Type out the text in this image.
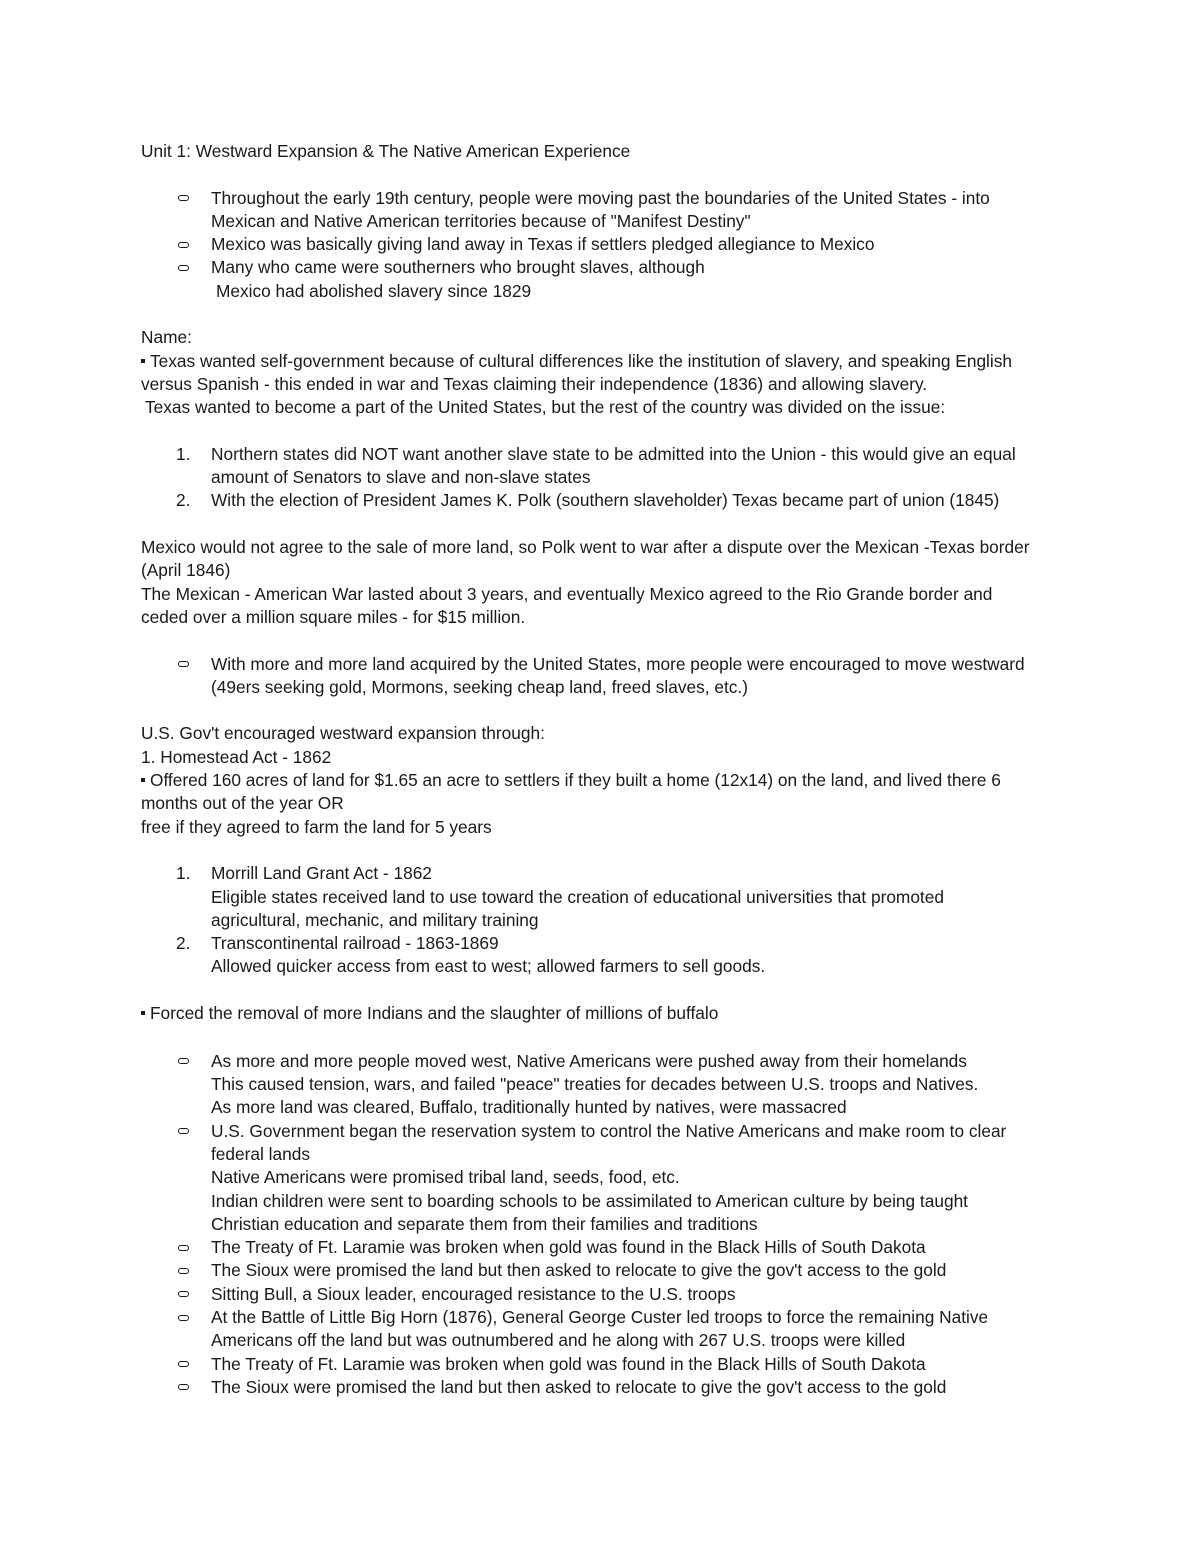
Unit 1: Westward Expansion & The Native American Experience
Throughout the early 19th century, people were moving past the boundaries of the United States - into
Mexican and Native American territories because of "Manifest Destiny"
Mexico was basically giving land away in Texas if settlers pledged allegiance to Mexico
Many who came were southerners who brought slaves, although
Mexico had abolished slavery since 1829
Name:
Texas wanted self-government because of cultural differences like the institution of slavery, and speaking English
versus Spanish - this ended in war and Texas claiming their independence (1836) and allowing slavery.
Texas wanted to become a part of the United States, but the rest of the country was divided on the issue:
1. Northern states did NOT want another slave state to be admitted into the Union - this would give an equal
amount of Senators to slave and non-slave states
2. With the election of President James K. Polk (southern slaveholder) Texas became part of union (1845)
Mexico would not agree to the sale of more land, so Polk went to war after a dispute over the Mexican -Texas border
(April 1846)
The Mexican - American War lasted about 3 years, and eventually Mexico agreed to the Rio Grande border and
ceded over a million square miles - for $15 million.
With more and more land acquired by the United States, more people were encouraged to move westward
(49ers seeking gold, Mormons, seeking cheap land, freed slaves, etc.)
U.S. Gov't encouraged westward expansion through:
1. Homestead Act - 1862
Offered 160 acres of land for $1.65 an acre to settlers if they built a home (12x14) on the land, and lived there 6
months out of the year OR
free if they agreed to farm the land for 5 years
1. Morrill Land Grant Act - 1862
Eligible states received land to use toward the creation of educational universities that promoted
agricultural, mechanic, and military training
2. Transcontinental railroad - 1863-1869
Allowed quicker access from east to west; allowed farmers to sell goods.
Forced the removal of more Indians and the slaughter of millions of buffalo
As more and more people moved west, Native Americans were pushed away from their homelands
This caused tension, wars, and failed "peace" treaties for decades between U.S. troops and Natives.
As more land was cleared, Buffalo, traditionally hunted by natives, were massacred
U.S. Government began the reservation system to control the Native Americans and make room to clear
federal lands
Native Americans were promised tribal land, seeds, food, etc.
Indian children were sent to boarding schools to be assimilated to American culture by being taught
Christian education and separate them from their families and traditions
The Treaty of Ft. Laramie was broken when gold was found in the Black Hills of South Dakota
The Sioux were promised the land but then asked to relocate to give the gov't access to the gold
Sitting Bull, a Sioux leader, encouraged resistance to the U.S. troops
At the Battle of Little Big Horn (1876), General George Custer led troops to force the remaining Native
Americans off the land but was outnumbered and he along with 267 U.S. troops were killed
The Treaty of Ft. Laramie was broken when gold was found in the Black Hills of South Dakota
The Sioux were promised the land but then asked to relocate to give the gov't access to the gold
